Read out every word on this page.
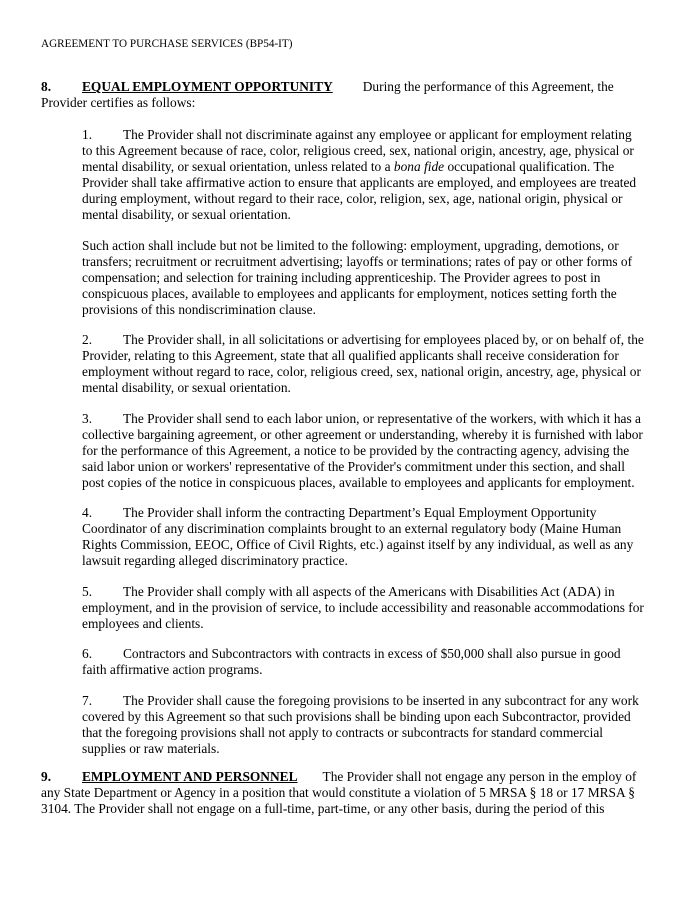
AGREEMENT TO PURCHASE SERVICES (BP54-IT)
8. EQUAL EMPLOYMENT OPPORTUNITY During the performance of this Agreement, the
Provider certifies as follows:
1. The Provider shall not discriminate against any employee or applicant for employment relating
to this Agreement because of race, color, religious creed, sex, national origin, ancestry, age, physical or
mental disability, or sexual orientation, unless related to a bona fide occupational qualification. The
Provider shall take affirmative action to ensure that applicants are employed, and employees are treated
during employment, without regard to their race, color, religion, sex, age, national origin, physical or
mental disability, or sexual orientation.
Such action shall include but not be limited to the following: employment, upgrading, demotions, or
transfers; recruitment or recruitment advertising; layoffs or terminations; rates of pay or other forms of
compensation; and selection for training including apprenticeship. The Provider agrees to post in
conspicuous places, available to employees and applicants for employment, notices setting forth the
provisions of this nondiscrimination clause.
2. The Provider shall, in all solicitations or advertising for employees placed by, or on behalf of, the
Provider, relating to this Agreement, state that all qualified applicants shall receive consideration for
employment without regard to race, color, religious creed, sex, national origin, ancestry, age, physical or
mental disability, or sexual orientation.
3. The Provider shall send to each labor union, or representative of the workers, with which it has a
collective bargaining agreement, or other agreement or understanding, whereby it is furnished with labor
for the performance of this Agreement, a notice to be provided by the contracting agency, advising the
said labor union or workers' representative of the Provider's commitment under this section, and shall
post copies of the notice in conspicuous places, available to employees and applicants for employment.
4. The Provider shall inform the contracting Department’s Equal Employment Opportunity
Coordinator of any discrimination complaints brought to an external regulatory body (Maine Human
Rights Commission, EEOC, Office of Civil Rights, etc.) against itself by any individual, as well as any
lawsuit regarding alleged discriminatory practice.
5. The Provider shall comply with all aspects of the Americans with Disabilities Act (ADA) in
employment, and in the provision of service, to include accessibility and reasonable accommodations for
employees and clients.
6. Contractors and Subcontractors with contracts in excess of $50,000 shall also pursue in good
faith affirmative action programs.
7. The Provider shall cause the foregoing provisions to be inserted in any subcontract for any work
covered by this Agreement so that such provisions shall be binding upon each Subcontractor, provided
that the foregoing provisions shall not apply to contracts or subcontracts for standard commercial
supplies or raw materials.
9. EMPLOYMENT AND PERSONNEL The Provider shall not engage any person in the employ of
any State Department or Agency in a position that would constitute a violation of 5 MRSA § 18 or 17 MRSA §
3104. The Provider shall not engage on a full-time, part-time, or any other basis, during the period of this
